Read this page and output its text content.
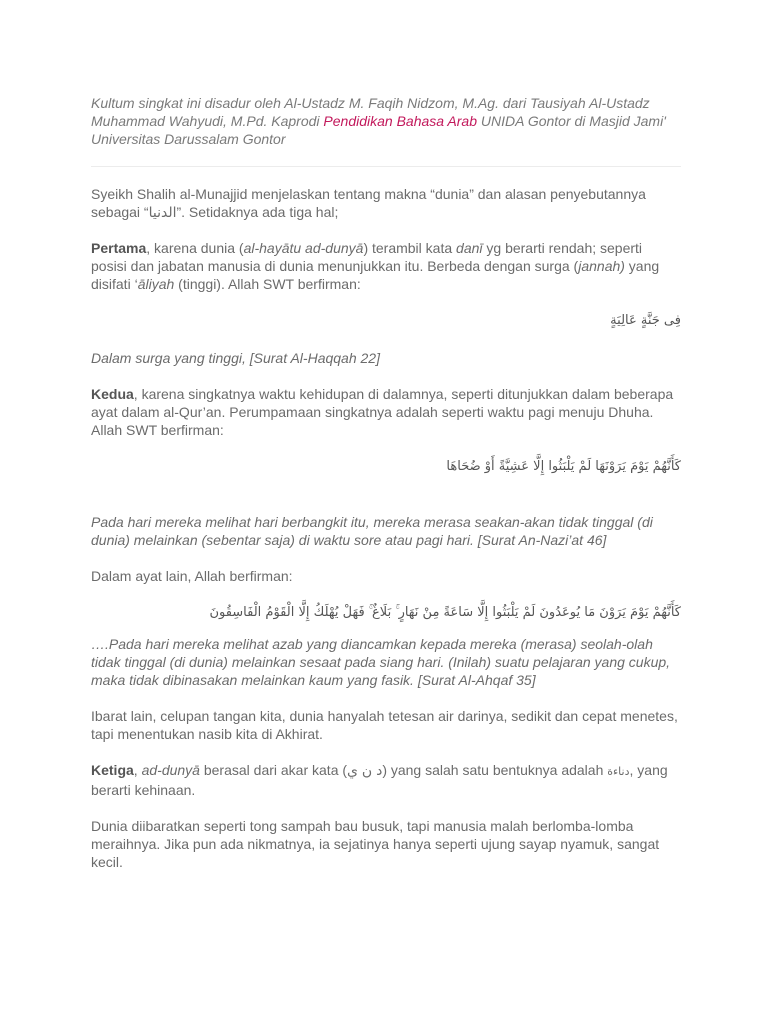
Kultum singkat ini disadur oleh Al-Ustadz M. Faqih Nidzom, M.Ag. dari Tausiyah Al-Ustadz Muhammad Wahyudi, M.Pd. Kaprodi Pendidikan Bahasa Arab UNIDA Gontor di Masjid Jami' Universitas Darussalam Gontor

Syeikh Shalih al-Munajjid menjelaskan tentang makna “dunia” dan alasan penyebutannya sebagai “الدنيا”. Setidaknya ada tiga hal;

Pertama, karena dunia (al-hayātu ad-dunyā) terambil kata danī yg berarti rendah; seperti posisi dan jabatan manusia di dunia menunjukkan itu. Berbeda dengan surga (jannah) yang disifati ‘āliyah (tinggi). Allah SWT berfirman:

فِى جَنَّةٍ عَالِيَةٍ

Dalam surga yang tinggi, [Surat Al-Haqqah 22]

Kedua, karena singkatnya waktu kehidupan di dalamnya, seperti ditunjukkan dalam beberapa ayat dalam al-Qur’an. Perumpamaan singkatnya adalah seperti waktu pagi menuju Dhuha.
Allah SWT berfirman:

كَأَنَّهُمْ يَوْمَ يَرَوْنَهَا لَمْ يَلْبَثُوا إِلَّا عَشِيَّةً أَوْ ضُحَاهَا

Pada hari mereka melihat hari berbangkit itu, mereka merasa seakan-akan tidak tinggal (di dunia) melainkan (sebentar saja) di waktu sore atau pagi hari. [Surat An-Nazi’at 46]

Dalam ayat lain, Allah berfirman:

كَأَنَّهُمْ يَوْمَ يَرَوْنَ مَا يُوعَدُونَ لَمْ يَلْبَثُوا إِلَّا سَاعَةً مِنْ نَهَارٍ ۚ بَلَاغٌ ۚ فَهَلْ يُهْلَكُ إِلَّا الْقَوْمُ الْفَاسِقُونَ

….Pada hari mereka melihat azab yang diancamkan kepada mereka (merasa) seolah-olah tidak tinggal (di dunia) melainkan sesaat pada siang hari. (Inilah) suatu pelajaran yang cukup, maka tidak dibinasakan melainkan kaum yang fasik. [Surat Al-Ahqaf 35]

Ibarat lain, celupan tangan kita, dunia hanyalah tetesan air darinya, sedikit dan cepat menetes, tapi menentukan nasib kita di Akhirat.

Ketiga, ad-dunyā berasal dari akar kata (د ن ي) yang salah satu bentuknya adalah دناءة, yang berarti kehinaan.

Dunia diibaratkan seperti tong sampah bau busuk, tapi manusia malah berlomba-lomba meraihnya. Jika pun ada nikmatnya, ia sejatinya hanya seperti ujung sayap nyamuk, sangat kecil.
